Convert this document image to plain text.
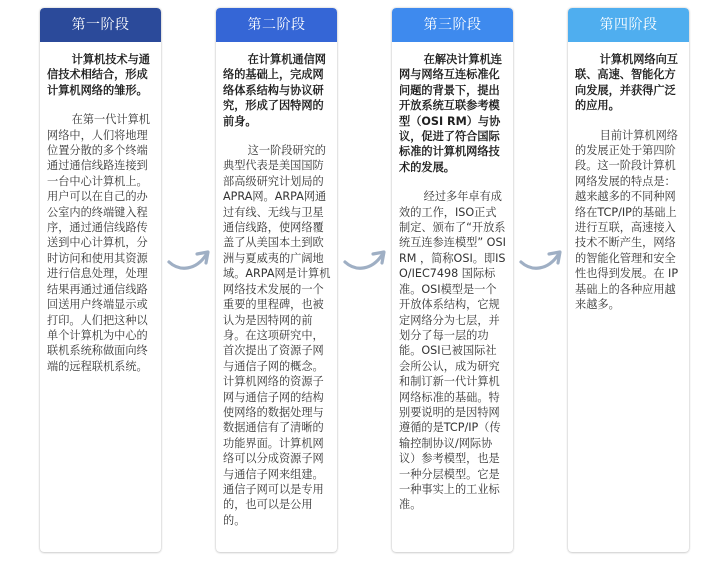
第一阶段

计算机技术与通信技术相结合，形成计算机网络的雏形。

在第一代计算机网络中，人们将地理位置分散的多个终端通过通信线路连接到一台中心计算机上。用户可以在自己的办公室内的终端键入程序，通过通信线路传送到中心计算机，分时访问和使用其资源进行信息处理，处理结果再通过通信线路回送用户终端显示或打印。人们把这种以单个计算机为中心的联机系统称做面向终端的远程联机系统。

第二阶段

在计算机通信网络的基础上，完成网络体系结构与协议研究，形成了因特网的前身。

这一阶段研究的典型代表是美国国防部高级研究计划局的APRA网。ARPA网通过有线、无线与卫星通信线路，使网络覆盖了从美国本土到欧洲与夏威夷的广阔地域。ARPA网是计算机网络技术发展的一个重要的里程碑，也被认为是因特网的前身。在这项研究中，首次提出了资源子网与通信子网的概念。计算机网络的资源子网与通信子网的结构使网络的数据处理与数据通信有了清晰的功能界面。计算机网络可以分成资源子网与通信子网来组建。通信子网可以是专用的，也可以是公用的。

第三阶段

在解决计算机连网与网络互连标准化问题的背景下，提出开放系统互联参考模型（OSI RM）与协议，促进了符合国际标准的计算机网络技术的发展。

经过多年卓有成效的工作，ISO正式制定、颁布了“开放系统互连参连模型” OSI RM ，简称OSI。即ISO/IEC7498 国际标准。OSI模型是一个开放体系结构，它规定网络分为七层，并划分了每一层的功能。OSI已被国际社会所公认，成为研究和制订新一代计算机网络标准的基础。特别要说明的是因特网遵循的是TCP/IP（传输控制协议/网际协议）参考模型，也是一种分层模型。它是一种事实上的工业标准。

第四阶段

计算机网络向互联、高速、智能化方向发展，并获得广泛的应用。

目前计算机网络的发展正处于第四阶段。这一阶段计算机网络发展的特点是：越来越多的不同种网络在TCP/IP的基础上进行互联，高速接入技术不断产生，网络的智能化管理和安全性也得到发展。在 IP 基础上的各种应用越来越多。
